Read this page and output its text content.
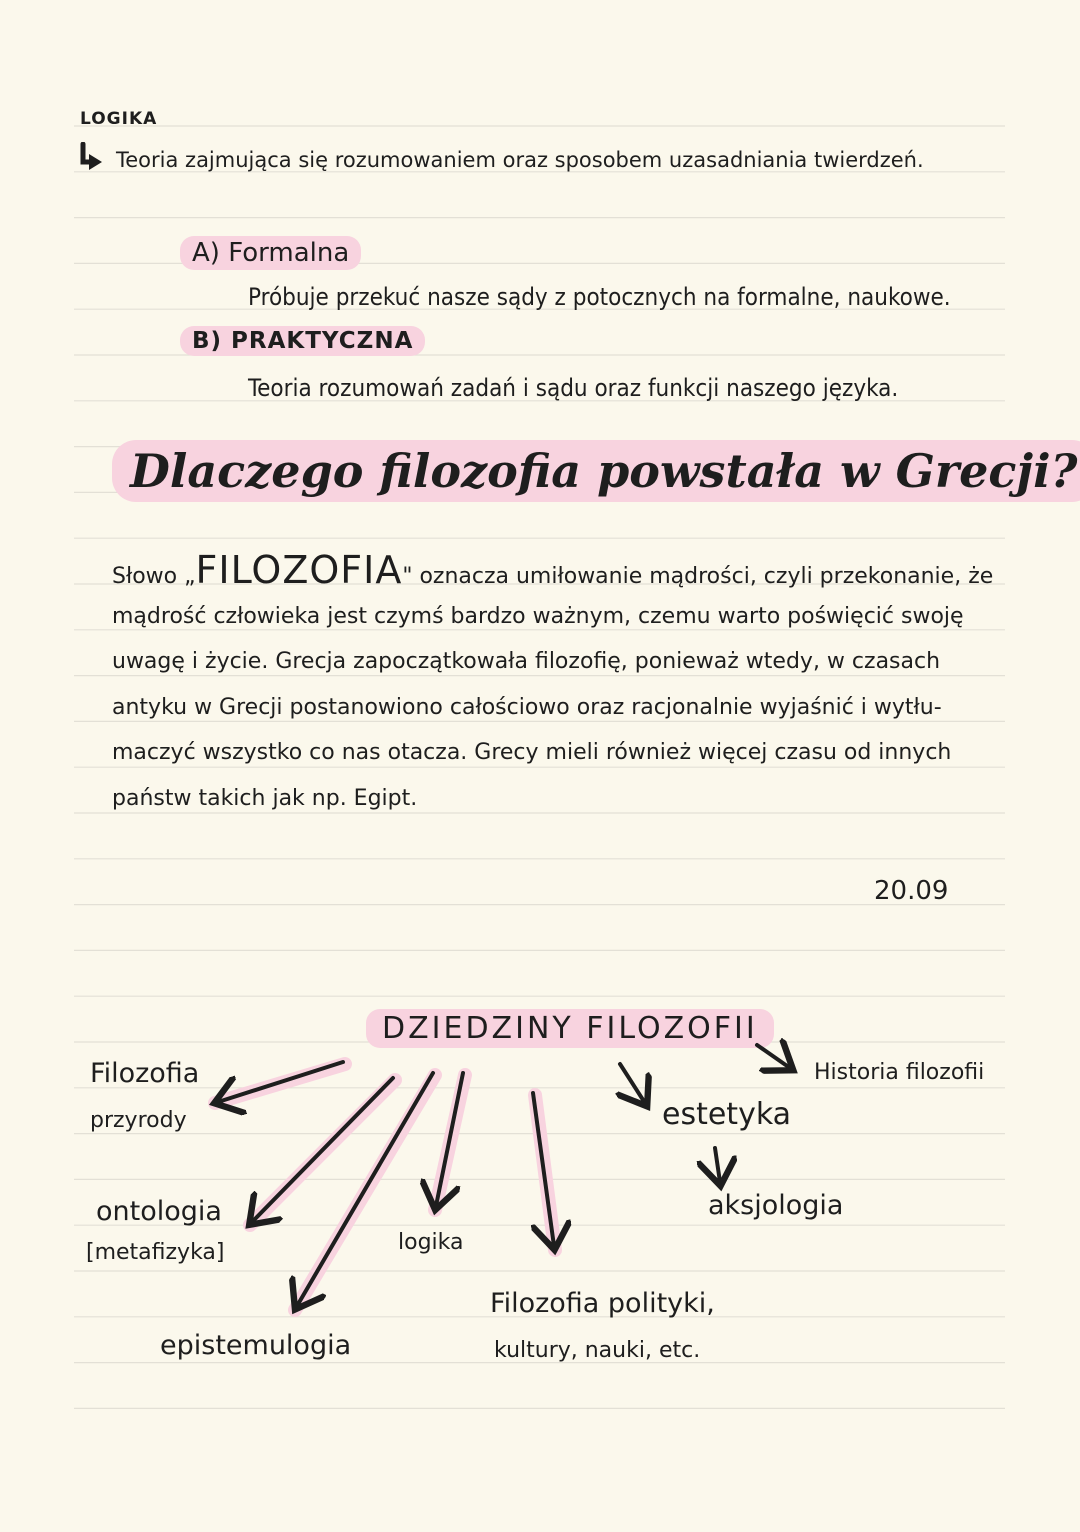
LOGIKA
Teoria zajmująca się rozumowaniem oraz sposobem uzasadniania twierdzeń.
A) Formalna
Próbuje przekuć nasze sądy z potocznych na formalne, naukowe.
B) PRAKTYCZNA
Teoria rozumowań zadań i sądu oraz funkcji naszego języka.
Dlaczego filozofia powstała w Grecji?
Słowo „FILOZOFIA" oznacza umiłowanie mądrości, czyli przekonanie, że
mądrość człowieka jest czymś bardzo ważnym, czemu warto poświęcić swoję
uwagę i życie. Grecja zapoczątkowała filozofię, ponieważ wtedy, w czasach
antyku w Grecji postanowiono całościowo oraz racjonalnie wyjaśnić i wytłu-
maczyć wszystko co nas otacza. Grecy mieli również więcej czasu od innych
państw takich jak np. Egipt.
20.09
DZIEDZINY FILOZOFII
Filozofia
przyrody
ontologia
[metafizyka]
epistemulogia
logika
Filozofia polityki,
kultury, nauki, etc.
estetyka
aksjologia
Historia filozofii
